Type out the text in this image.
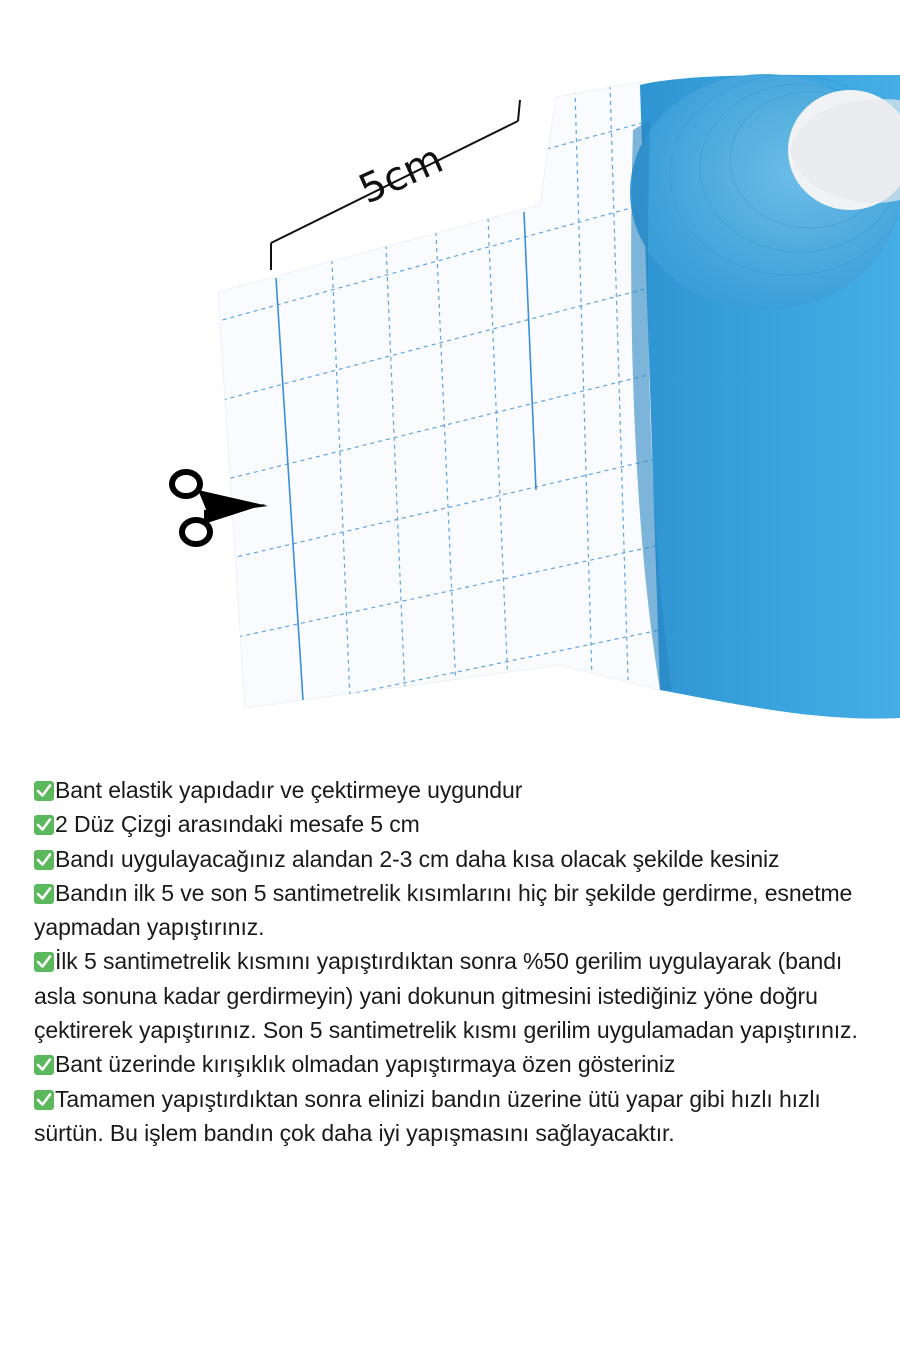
5cm
Bant elastik yapıdadır ve çektirmeye uygundur
2 Düz Çizgi arasındaki mesafe 5 cm
Bandı uygulayacağınız alandan 2-3 cm daha kısa olacak şekilde kesiniz
Bandın ilk 5 ve son 5 santimetrelik kısımlarını hiç bir şekilde gerdirme, esnetme yapmadan yapıştırınız.
İlk 5 santimetrelik kısmını yapıştırdıktan sonra %50 gerilim uygulayarak (bandı asla sonuna kadar gerdirmeyin) yani dokunun gitmesini istediğiniz yöne doğru çektirerek yapıştırınız. Son 5 santimetrelik kısmı gerilim uygulamadan yapıştırınız.
Bant üzerinde kırışıklık olmadan yapıştırmaya özen gösteriniz
Tamamen yapıştırdıktan sonra elinizi bandın üzerine ütü yapar gibi hızlı hızlı sürtün. Bu işlem bandın çok daha iyi yapışmasını sağlayacaktır.
